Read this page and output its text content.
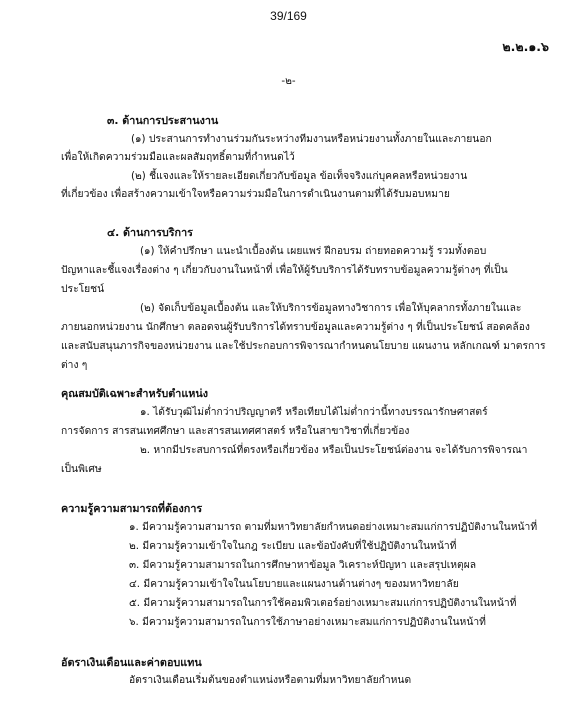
39/169
๒.๒.๑.๖
-๒-
๓. ด้านการประสานงาน
(๑) ประสานการทำงานร่วมกันระหว่างทีมงานหรือหน่วยงานทั้งภายในและภายนอก
เพื่อให้เกิดความร่วมมือและผลสัมฤทธิ์ตามที่กำหนดไว้
(๒) ชี้แจงและให้รายละเอียดเกี่ยวกับข้อมูล ข้อเท็จจริงแก่บุคคลหรือหน่วยงาน
ที่เกี่ยวข้อง เพื่อสร้างความเข้าใจหรือความร่วมมือในการดำเนินงานตามที่ได้รับมอบหมาย
๔. ด้านการบริการ
(๑) ให้คำปรึกษา แนะนำเบื้องต้น เผยแพร่ ฝึกอบรม ถ่ายทอดความรู้ รวมทั้งตอบ
ปัญหาและชี้แจงเรื่องต่าง ๆ เกี่ยวกับงานในหน้าที่ เพื่อให้ผู้รับบริการได้รับทราบข้อมูลความรู้ต่างๆ ที่เป็น
ประโยชน์
(๒) จัดเก็บข้อมูลเบื้องต้น และให้บริการข้อมูลทางวิชาการ เพื่อให้บุคลากรทั้งภายในและ
ภายนอกหน่วยงาน นักศึกษา ตลอดจนผู้รับบริการได้ทราบข้อมูลและความรู้ต่าง ๆ ที่เป็นประโยชน์ สอดคล้อง
และสนับสนุนภารกิจของหน่วยงาน และใช้ประกอบการพิจารณากำหนดนโยบาย แผนงาน หลักเกณฑ์ มาตรการ
ต่าง ๆ
คุณสมบัติเฉพาะสำหรับตำแหน่ง
๑. ได้รับวุฒิไม่ต่ำกว่าปริญญาตรี หรือเทียบได้ไม่ต่ำกว่านี้ทางบรรณารักษศาสตร์
การจัดการ สารสนเทศศึกษา และสารสนเทศศาสตร์ หรือในสาขาวิชาที่เกี่ยวข้อง
๒. หากมีประสบการณ์ที่ตรงหรือเกี่ยวข้อง หรือเป็นประโยชน์ต่องาน จะได้รับการพิจารณา
เป็นพิเศษ
ความรู้ความสามารถที่ต้องการ
๑. มีความรู้ความสามารถ ตามที่มหาวิทยาลัยกำหนดอย่างเหมาะสมแก่การปฏิบัติงานในหน้าที่
๒. มีความรู้ความเข้าใจในกฎ ระเบียบ และข้อบังคับที่ใช้ปฏิบัติงานในหน้าที่
๓. มีความรู้ความสามารถในการศึกษาหาข้อมูล วิเคราะห์ปัญหา และสรุปเหตุผล
๔. มีความรู้ความเข้าใจในนโยบายและแผนงานด้านต่างๆ ของมหาวิทยาลัย
๕. มีความรู้ความสามารถในการใช้คอมพิวเตอร์อย่างเหมาะสมแก่การปฏิบัติงานในหน้าที่
๖. มีความรู้ความสามารถในการใช้ภาษาอย่างเหมาะสมแก่การปฏิบัติงานในหน้าที่
อัตราเงินเดือนและค่าตอบแทน
อัตราเงินเดือนเริ่มต้นของตำแหน่งหรือตามที่มหาวิทยาลัยกำหนด
